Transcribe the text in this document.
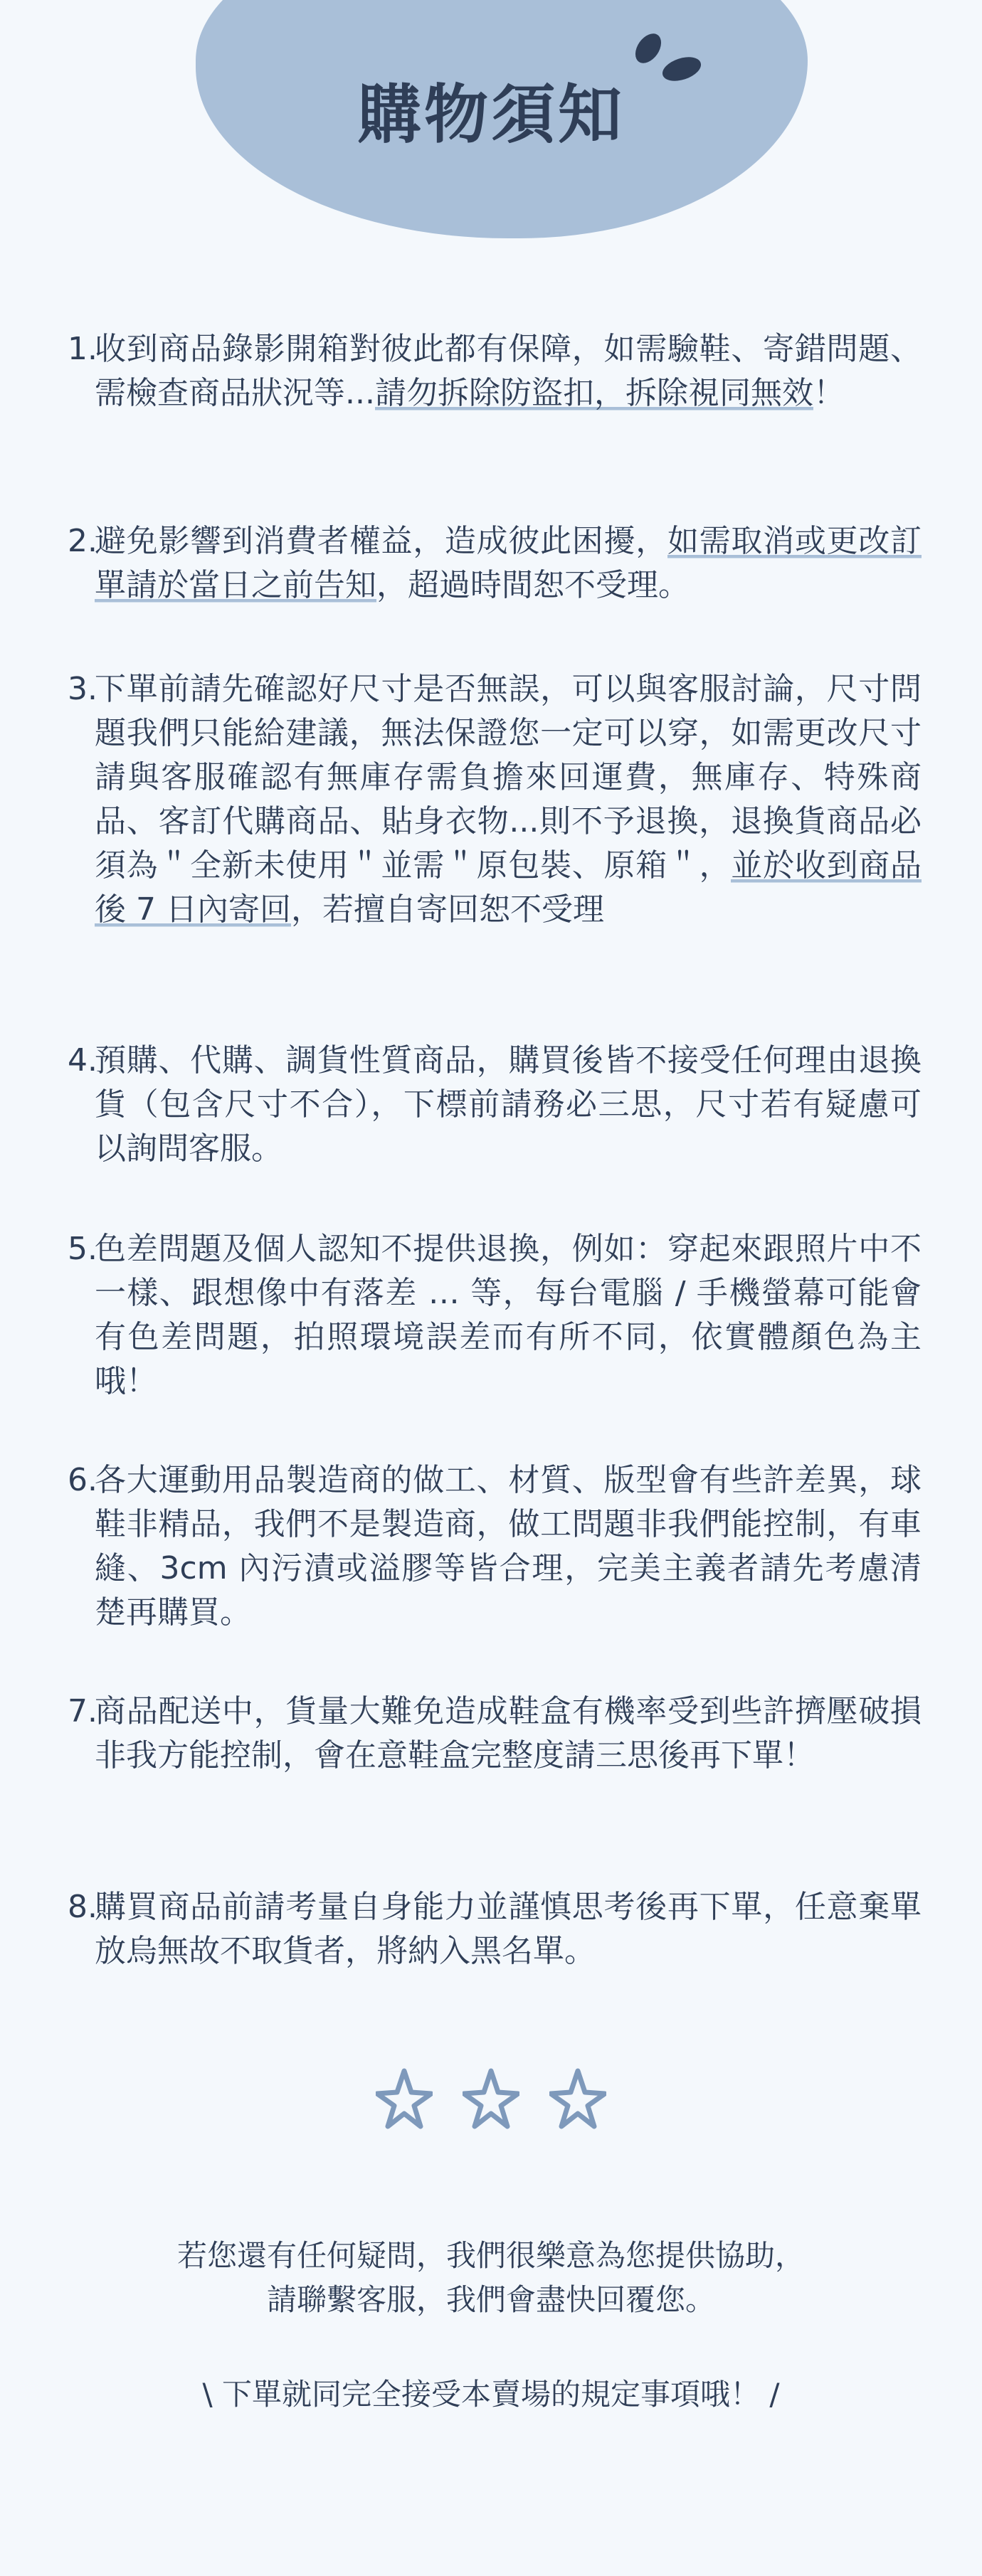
購物須知
1.
收到商品錄影開箱對彼此都有保障，如需驗鞋、寄錯問題、需檢查商品狀況等...請勿拆除防盜扣，拆除視同無效！
2.
避免影響到消費者權益，造成彼此困擾，如需取消或更改訂單請於當日之前告知，超過時間恕不受理。
3.
下單前請先確認好尺寸是否無誤，可以與客服討論，尺寸問題我們只能給建議，無法保證您一定可以穿，如需更改尺寸請與客服確認有無庫存需負擔來回運費，無庫存、特殊商品、客訂代購商品、貼身衣物...則不予退換，退換貨商品必須為＂全新未使用＂並需＂原包裝、原箱＂，並於收到商品後 7 日內寄回，若擅自寄回恕不受理
4.
預購、代購、調貨性質商品，購買後皆不接受任何理由退換貨（包含尺寸不合），下標前請務必三思，尺寸若有疑慮可以詢問客服。
5.
色差問題及個人認知不提供退換，例如：穿起來跟照片中不一樣、跟想像中有落差 … 等，每台電腦 / 手機螢幕可能會有色差問題，拍照環境誤差而有所不同，依實體顏色為主哦！
6.
各大運動用品製造商的做工、材質、版型會有些許差異，球鞋非精品，我們不是製造商，做工問題非我們能控制，有車縫、3cm 內污漬或溢膠等皆合理，完美主義者請先考慮清楚再購買。
7.
商品配送中，貨量大難免造成鞋盒有機率受到些許擠壓破損非我方能控制，會在意鞋盒完整度請三思後再下單！
8.
購買商品前請考量自身能力並謹慎思考後再下單，任意棄單放烏無故不取貨者，將納入黑名單。
若您還有任何疑問，我們很樂意為您提供協助，
請聯繫客服，我們會盡快回覆您。
\ 下單就同完全接受本賣場的規定事項哦！ /
